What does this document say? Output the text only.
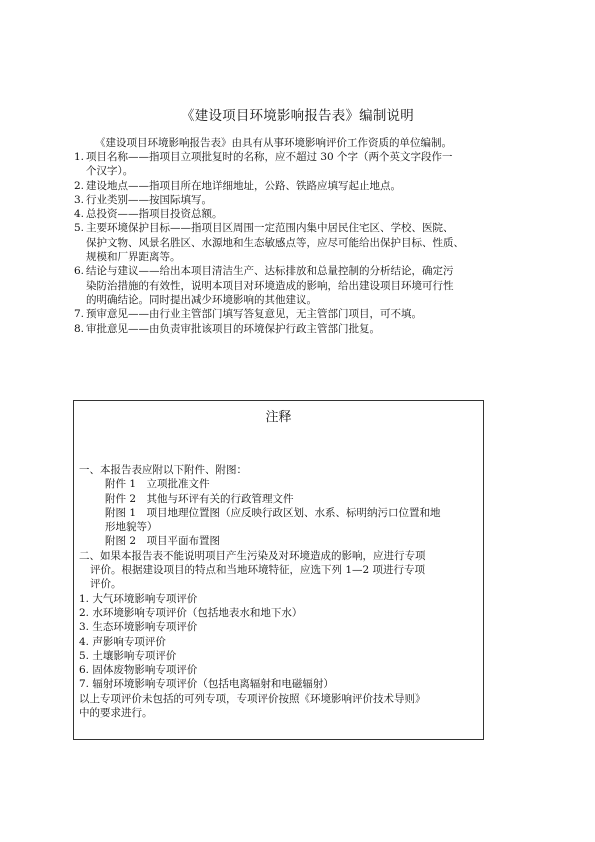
《建设项目环境影响报告表》编制说明
《建设项目环境影响报告表》由具有从事环境影响评价工作资质的单位编制。
1. 项目名称——指项目立项批复时的名称，应不超过 30 个字（两个英文字段作一
个汉字）。
2. 建设地点——指项目所在地详细地址，公路、铁路应填写起止地点。
3. 行业类别——按国际填写。
4. 总投资——指项目投资总额。
5. 主要环境保护目标——指项目区周围一定范围内集中居民住宅区、学校、医院、
保护文物、风景名胜区、水源地和生态敏感点等，应尽可能给出保护目标、性质、
规模和厂界距离等。
6. 结论与建议——给出本项目清洁生产、达标排放和总量控制的分析结论，确定污
染防治措施的有效性，说明本项目对环境造成的影响，给出建设项目环境可行性
的明确结论。同时提出减少环境影响的其他建议。
7. 预审意见——由行业主管部门填写答复意见，无主管部门项目，可不填。
8. 审批意见——由负责审批该项目的环境保护行政主管部门批复。
注释
一、本报告表应附以下附件、附图：
附件 1　立项批准文件
附件 2　其他与环评有关的行政管理文件
附图 1　项目地理位置图（应反映行政区划、水系、标明纳污口位置和地
形地貌等）
附图 2　项目平面布置图
二、如果本报告表不能说明项目产生污染及对环境造成的影响，应进行专项
评价。根据建设项目的特点和当地环境特征，应选下列 1—2 项进行专项
评价。
1. 大气环境影响专项评价
2. 水环境影响专项评价（包括地表水和地下水）
3. 生态环境影响专项评价
4. 声影响专项评价
5. 土壤影响专项评价
6. 固体废物影响专项评价
7. 辐射环境影响专项评价（包括电离辐射和电磁辐射）
以上专项评价未包括的可列专项，专项评价按照《环境影响评价技术导则》
中的要求进行。
